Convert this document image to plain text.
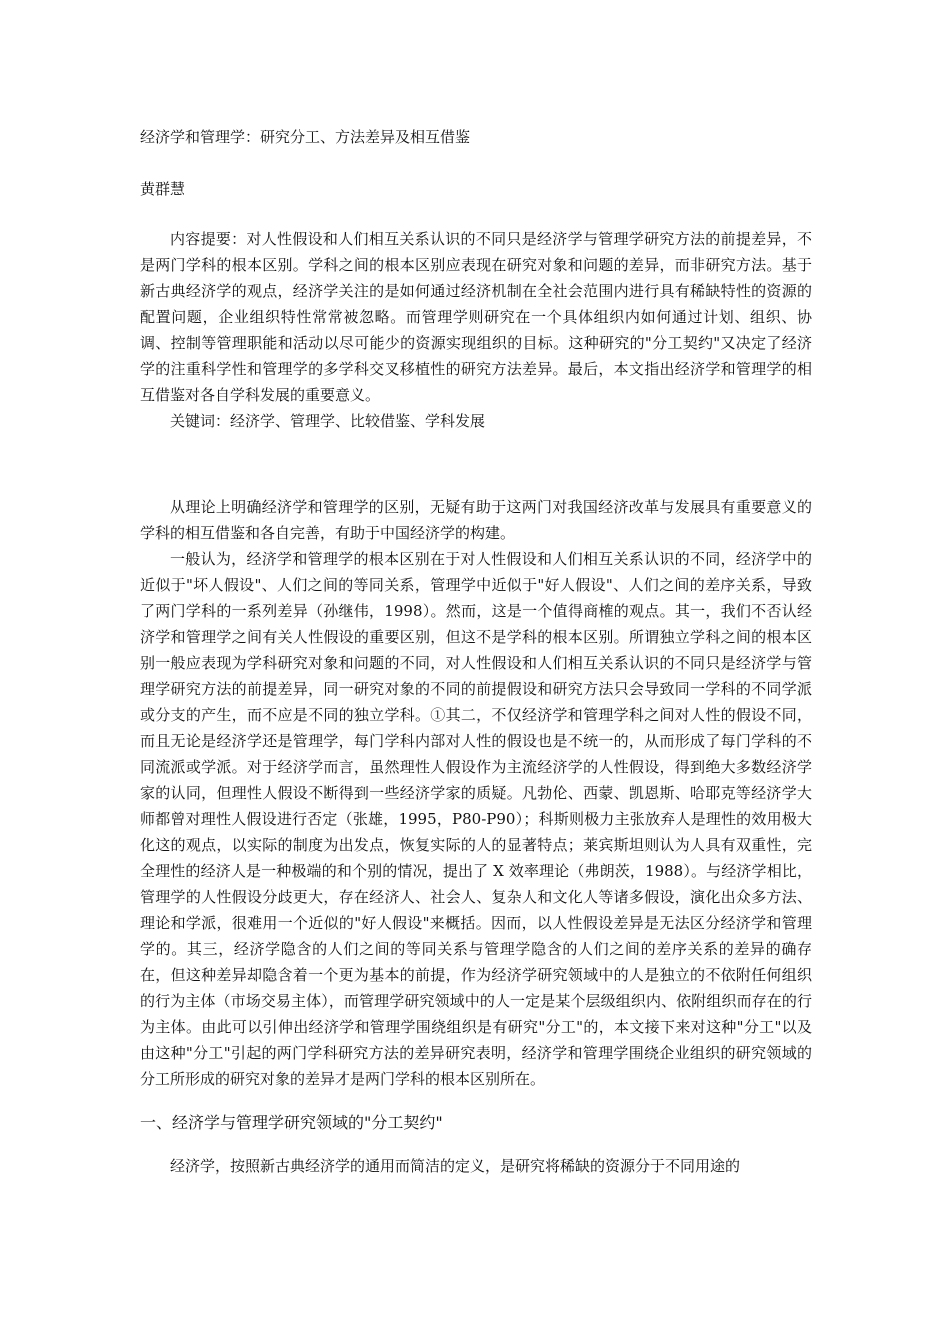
经济学和管理学：研究分工、方法差异及相互借鉴
黄群慧

内容提要：对人性假设和人们相互关系认识的不同只是经济学与管理学研究方法的前提差异，不是两门学科的根本区别。学科之间的根本区别应表现在研究对象和问题的差异，而非研究方法。基于新古典经济学的观点，经济学关注的是如何通过经济机制在全社会范围内进行具有稀缺特性的资源的配置问题，企业组织特性常常被忽略。而管理学则研究在一个具体组织内如何通过计划、组织、协调、控制等管理职能和活动以尽可能少的资源实现组织的目标。这种研究的"分工契约"又决定了经济学的注重科学性和管理学的多学科交叉移植性的研究方法差异。最后，本文指出经济学和管理学的相互借鉴对各自学科发展的重要意义。

关键词：经济学、管理学、比较借鉴、学科发展

从理论上明确经济学和管理学的区别，无疑有助于这两门对我国经济改革与发展具有重要意义的学科的相互借鉴和各自完善，有助于中国经济学的构建。

一般认为，经济学和管理学的根本区别在于对人性假设和人们相互关系认识的不同，经济学中的近似于"坏人假设"、人们之间的等同关系，管理学中近似于"好人假设"、人们之间的差序关系，导致了两门学科的一系列差异（孙继伟，1998）。然而，这是一个值得商榷的观点。其一，我们不否认经济学和管理学之间有关人性假设的重要区别，但这不是学科的根本区别。所谓独立学科之间的根本区别一般应表现为学科研究对象和问题的不同，对人性假设和人们相互关系认识的不同只是经济学与管理学研究方法的前提差异，同一研究对象的不同的前提假设和研究方法只会导致同一学科的不同学派或分支的产生，而不应是不同的独立学科。①其二，不仅经济学和管理学科之间对人性的假设不同，而且无论是经济学还是管理学，每门学科内部对人性的假设也是不统一的，从而形成了每门学科的不同流派或学派。对于经济学而言，虽然理性人假设作为主流经济学的人性假设，得到绝大多数经济学家的认同，但理性人假设不断得到一些经济学家的质疑。凡勃伦、西蒙、凯恩斯、哈耶克等经济学大师都曾对理性人假设进行否定（张雄，1995，P80-P90）；科斯则极力主张放弃人是理性的效用极大化这的观点，以实际的制度为出发点，恢复实际的人的显著特点；莱宾斯坦则认为人具有双重性，完全理性的经济人是一种极端的和个别的情况，提出了 X 效率理论（弗朗茨，1988）。与经济学相比，管理学的人性假设分歧更大，存在经济人、社会人、复杂人和文化人等诸多假设，演化出众多方法、理论和学派，很难用一个近似的"好人假设"来概括。因而，以人性假设差异是无法区分经济学和管理学的。其三，经济学隐含的人们之间的等同关系与管理学隐含的人们之间的差序关系的差异的确存在，但这种差异却隐含着一个更为基本的前提，作为经济学研究领域中的人是独立的不依附任何组织的行为主体（市场交易主体），而管理学研究领域中的人一定是某个层级组织内、依附组织而存在的行为主体。由此可以引伸出经济学和管理学围绕组织是有研究"分工"的，本文接下来对这种"分工"以及由这种"分工"引起的两门学科研究方法的差异研究表明，经济学和管理学围绕企业组织的研究领域的分工所形成的研究对象的差异才是两门学科的根本区别所在。

一、经济学与管理学研究领域的"分工契约"

经济学，按照新古典经济学的通用而简洁的定义，是研究将稀缺的资源分于不同用途的
